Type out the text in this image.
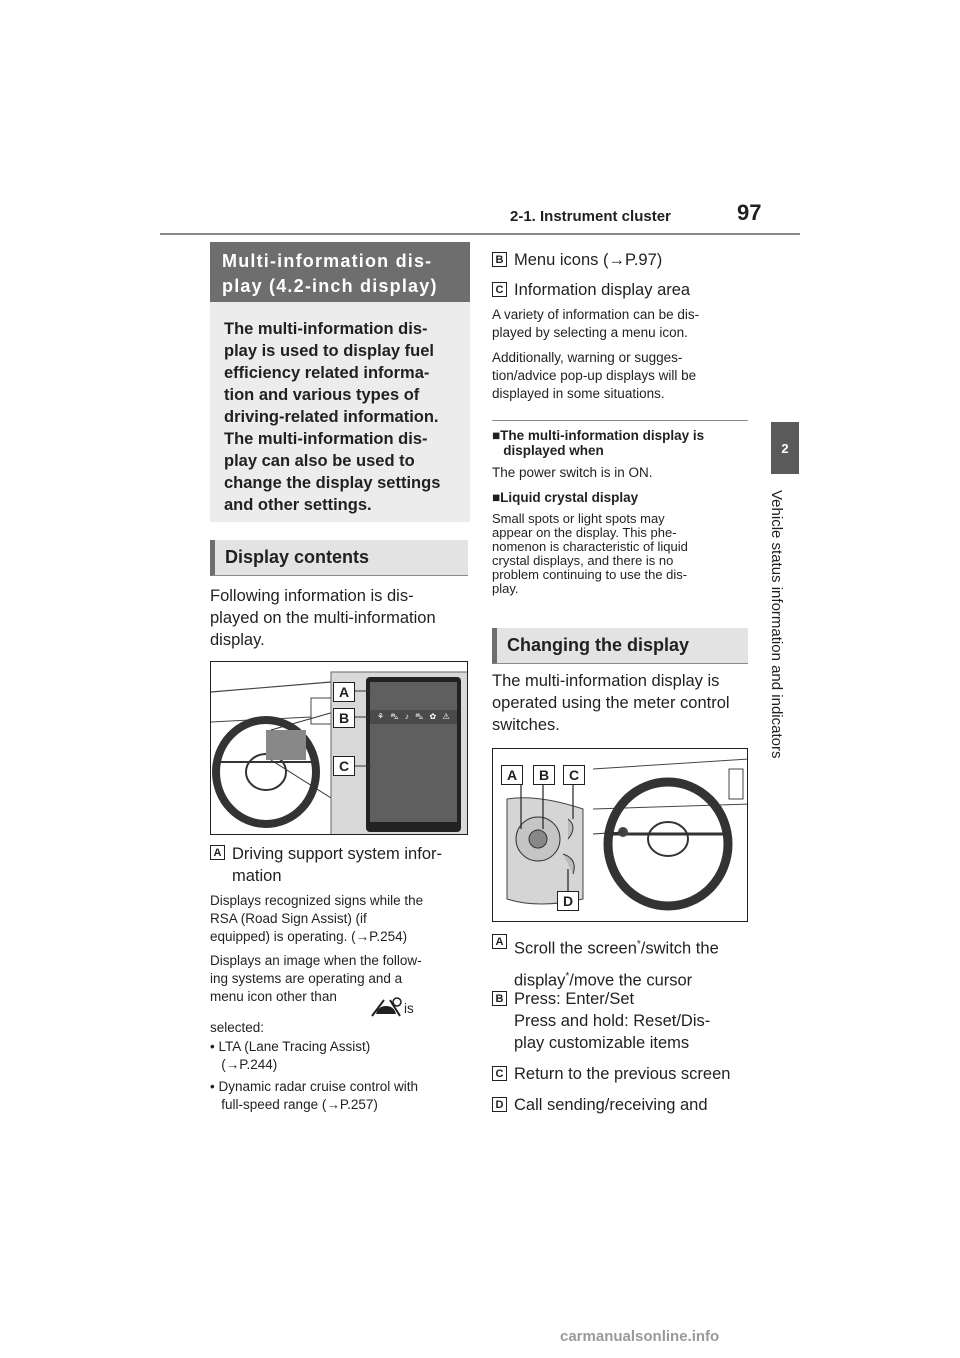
2-1. Instrument cluster	97
2
Vehicle status information and indicators
Multi-information dis-
play (4.2-inch display)
The multi-information dis-
play is used to display fuel
efficiency related informa-
tion and various types of
driving-related information.
The multi-information dis-
play can also be used to
change the display settings
and other settings.
Display contents
Following information is dis-
played on the multi-information
display.
⚘ ⛍ ♪ ⛍ ✿ ⚠
A
B
C
A Driving support system infor-
mation
Displays recognized signs while the
RSA (Road Sign Assist) (if
equipped) is operating. (→P.254)
Displays an image when the follow-
ing systems are operating and a
menu icon other than
is
selected:
• LTA (Lane Tracing Assist)
(→P.244)
• Dynamic radar cruise control with
full-speed range (→P.257)
B Menu icons (→P.97)
C Information display area
A variety of information can be dis-
played by selecting a menu icon.
Additionally, warning or sugges-
tion/advice pop-up displays will be
displayed in some situations.
■The multi-information display is
displayed when
The power switch is in ON.
■Liquid crystal display
Small spots or light spots may
appear on the display. This phe-
nomenon is characteristic of liquid
crystal displays, and there is no
problem continuing to use the dis-
play.
Changing the display
The multi-information display is
operated using the meter control
switches.
A	B	C
D
A Scroll the screen*/switch the
display*/move the cursor
B Press: Enter/Set
Press and hold: Reset/Dis-
play customizable items
C Return to the previous screen
D Call sending/receiving and
carmanualsonline.info
